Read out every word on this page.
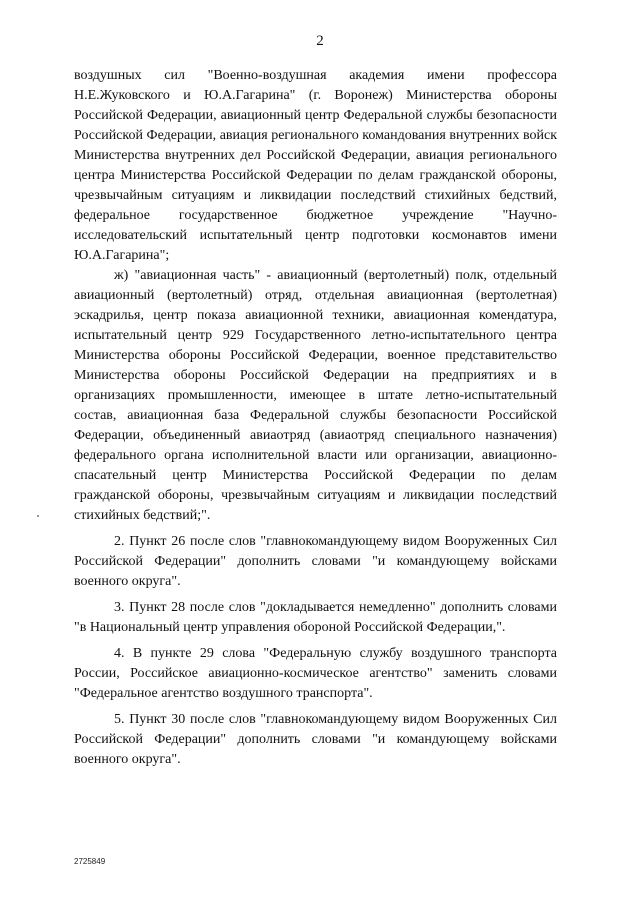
2

воздушных сил "Военно-воздушная академия имени профессора Н.Е.Жуковского и Ю.А.Гагарина" (г. Воронеж) Министерства обороны Российской Федерации, авиационный центр Федеральной службы безопасности Российской Федерации, авиация регионального командования внутренних войск Министерства внутренних дел Российской Федерации, авиация регионального центра Министерства Российской Федерации по делам гражданской обороны, чрезвычайным ситуациям и ликвидации последствий стихийных бедствий, федеральное государственное бюджетное учреждение "Научно-исследовательский испытательный центр подготовки космонавтов имени Ю.А.Гагарина";

ж) "авиационная часть" - авиационный (вертолетный) полк, отдельный авиационный (вертолетный) отряд, отдельная авиационная (вертолетная) эскадрилья, центр показа авиационной техники, авиационная комендатура, испытательный центр 929 Государственного летно-испытательного центра Министерства обороны Российской Федерации, военное представительство Министерства обороны Российской Федерации на предприятиях и в организациях промышленности, имеющее в штате летно-испытательный состав, авиационная база Федеральной службы безопасности Российской Федерации, объединенный авиаотряд (авиаотряд специального назначения) федерального органа исполнительной власти или организации, авиационно-спасательный центр Министерства Российской Федерации по делам гражданской обороны, чрезвычайным ситуациям и ликвидации последствий стихийных бедствий;".

2. Пункт 26 после слов "главнокомандующему видом Вооруженных Сил Российской Федерации" дополнить словами "и командующему войсками военного округа".

3. Пункт 28 после слов "докладывается немедленно" дополнить словами "в Национальный центр управления обороной Российской Федерации,".

4. В пункте 29 слова "Федеральную службу воздушного транспорта России, Российское авиационно-космическое агентство" заменить словами "Федеральное агентство воздушного транспорта".

5. Пункт 30 после слов "главнокомандующему видом Вооруженных Сил Российской Федерации" дополнить словами "и командующему войсками военного округа".

2725849
